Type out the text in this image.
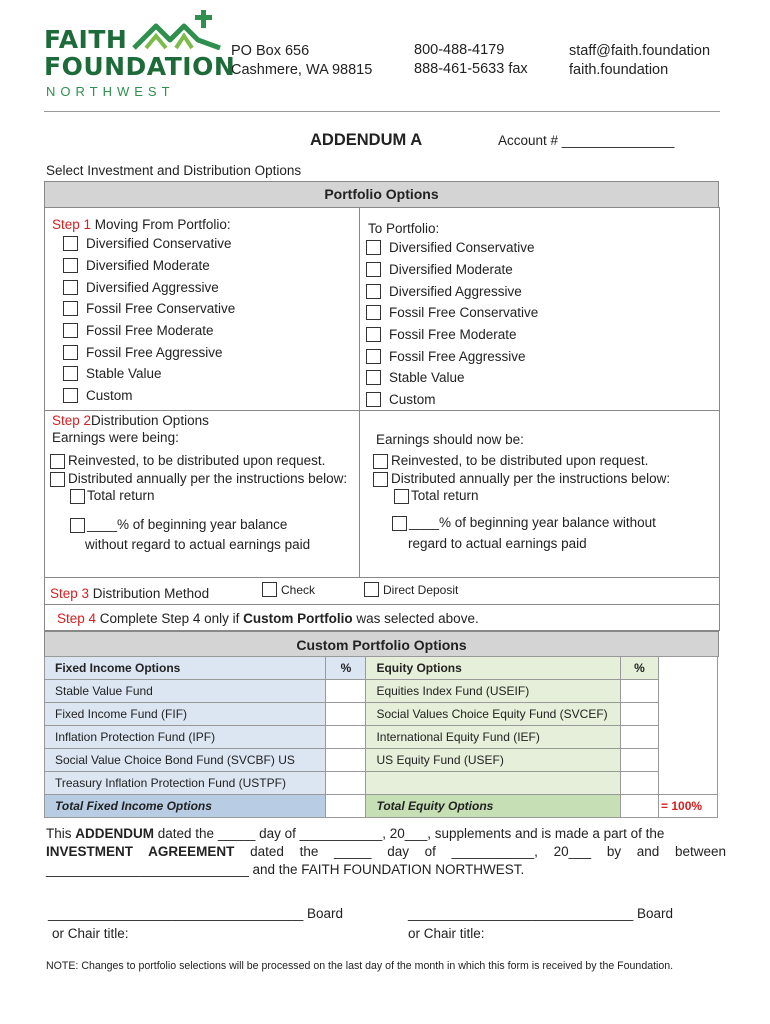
FAITH
FOUNDATION
NORTHWEST
PO Box 656
Cashmere, WA 98815
800-488-4179
888-461-5633 fax
staff@faith.foundation
faith.foundation
ADDENDUM A	Account # _______________
Select Investment and Distribution Options
Portfolio Options
Step 1 Moving From Portfolio:
Diversified Conservative
Diversified Moderate
Diversified Aggressive
Fossil Free Conservative
Fossil Free Moderate
Fossil Free Aggressive
Stable Value
Custom
To Portfolio:
Diversified Conservative
Diversified Moderate
Diversified Aggressive
Fossil Free Conservative
Fossil Free Moderate
Fossil Free Aggressive
Stable Value
Custom
Step 2Distribution Options
Earnings were being:
Reinvested, to be distributed upon request.
Distributed annually per the instructions below:
Total return
____% of beginning year balance
without regard to actual earnings paid
Earnings should now be:
Reinvested, to be distributed upon request.
Distributed annually per the instructions below:
Total return
____% of beginning year balance without
regard to actual earnings paid
Step 3 Distribution Method	Check	Direct Deposit
Step 4 Complete Step 4 only if Custom Portfolio was selected above.
Custom Portfolio Options
Fixed Income Options	%	Equity Options	%	
Stable Value Fund		Equities Index Fund (USEIF)		
Fixed Income Fund (FIF)		Social Values Choice Equity Fund (SVCEF)		
Inflation Protection Fund (IPF)		International Equity Fund (IEF)		
Social Value Choice Bond Fund (SVCBF) US		US Equity Fund (USEF)		
Treasury Inflation Protection Fund (USTPF)				
Total Fixed Income Options		Total Equity Options		= 100%
This ADDENDUM dated the _____ day of ___________, 20___, supplements and is made a part of the
INVESTMENT AGREEMENT dated the _____ day of ___________, 20___ by and between
___________________________ and the FAITH FOUNDATION NORTHWEST.
__________________________________ Board
or Chair title:
______________________________ Board
or Chair title:
NOTE: Changes to portfolio selections will be processed on the last day of the month in which this form is received by the Foundation.
